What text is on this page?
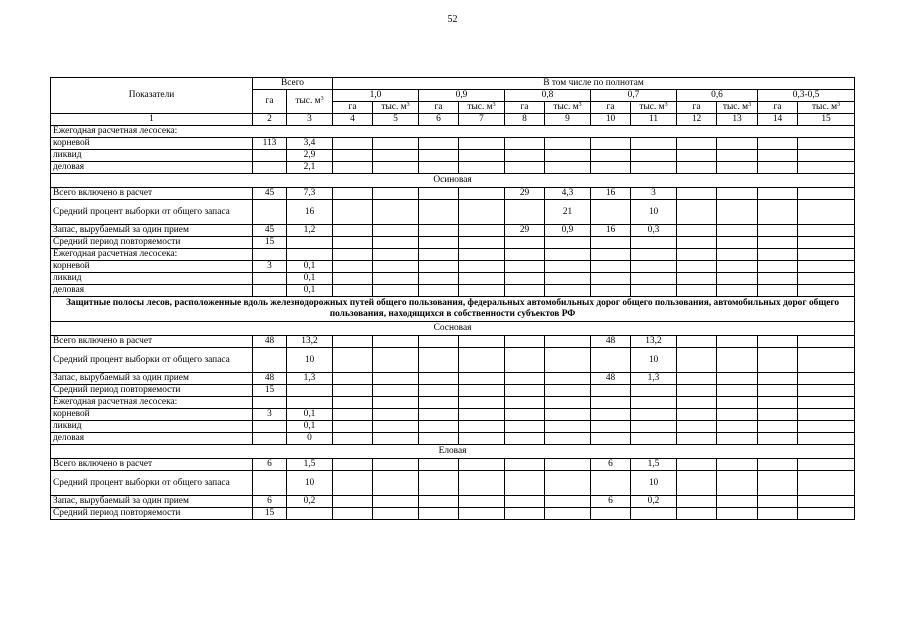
52
Показатели	Всего		В том числе по полнотам											
	га	тыс. $м^3$	1,0		0,9		0,8		0,7		0,6		0,3-0,5	
			га	тыс. $м^3$	га	тыс. $м^3$	га	тыс. $м^3$	га	тыс. $м^3$	га	тыс. $м^3$	га	тыс. $м^3$
1	2	3	4	5	6	7	8	9	10	11	12	13	14	15
Ежегодная расчетная лесосека:														
корневой	113	3,4												
ликвид		2,9												
деловая		2,1												
Осиновая														
Всего включено в расчет	45	7,3					29	4,3	16	3				
Средний процент выборки от общего запаса		16						21		10				
Запас, вырубаемый за один прием	45	1,2					29	0,9	16	0,3				
Средний период повторяемости	15													
Ежегодная расчетная лесосека:														
корневой	3	0,1												
ликвид		0,1												
деловая		0,1												
Защитные полосы лесов, расположенные вдоль железнодорожных путей общего пользования, федеральных автомобильных дорог общего пользования, автомобильных дорог общего пользования, находящихся в собственности субъектов РФ														
Сосновая														
Всего включено в расчет	48	13,2							48	13,2				
Средний процент выборки от общего запаса		10								10				
Запас, вырубаемый за один прием	48	1,3							48	1,3				
Средний период повторяемости	15													
Ежегодная расчетная лесосека:														
корневой	3	0,1												
ликвид		0,1												
деловая		0												
Еловая														
Всего включено в расчет	6	1,5							6	1,5				
Средний процент выборки от общего запаса		10								10				
Запас, вырубаемый за один прием	6	0,2							6	0,2				
Средний период повторяемости	15													
